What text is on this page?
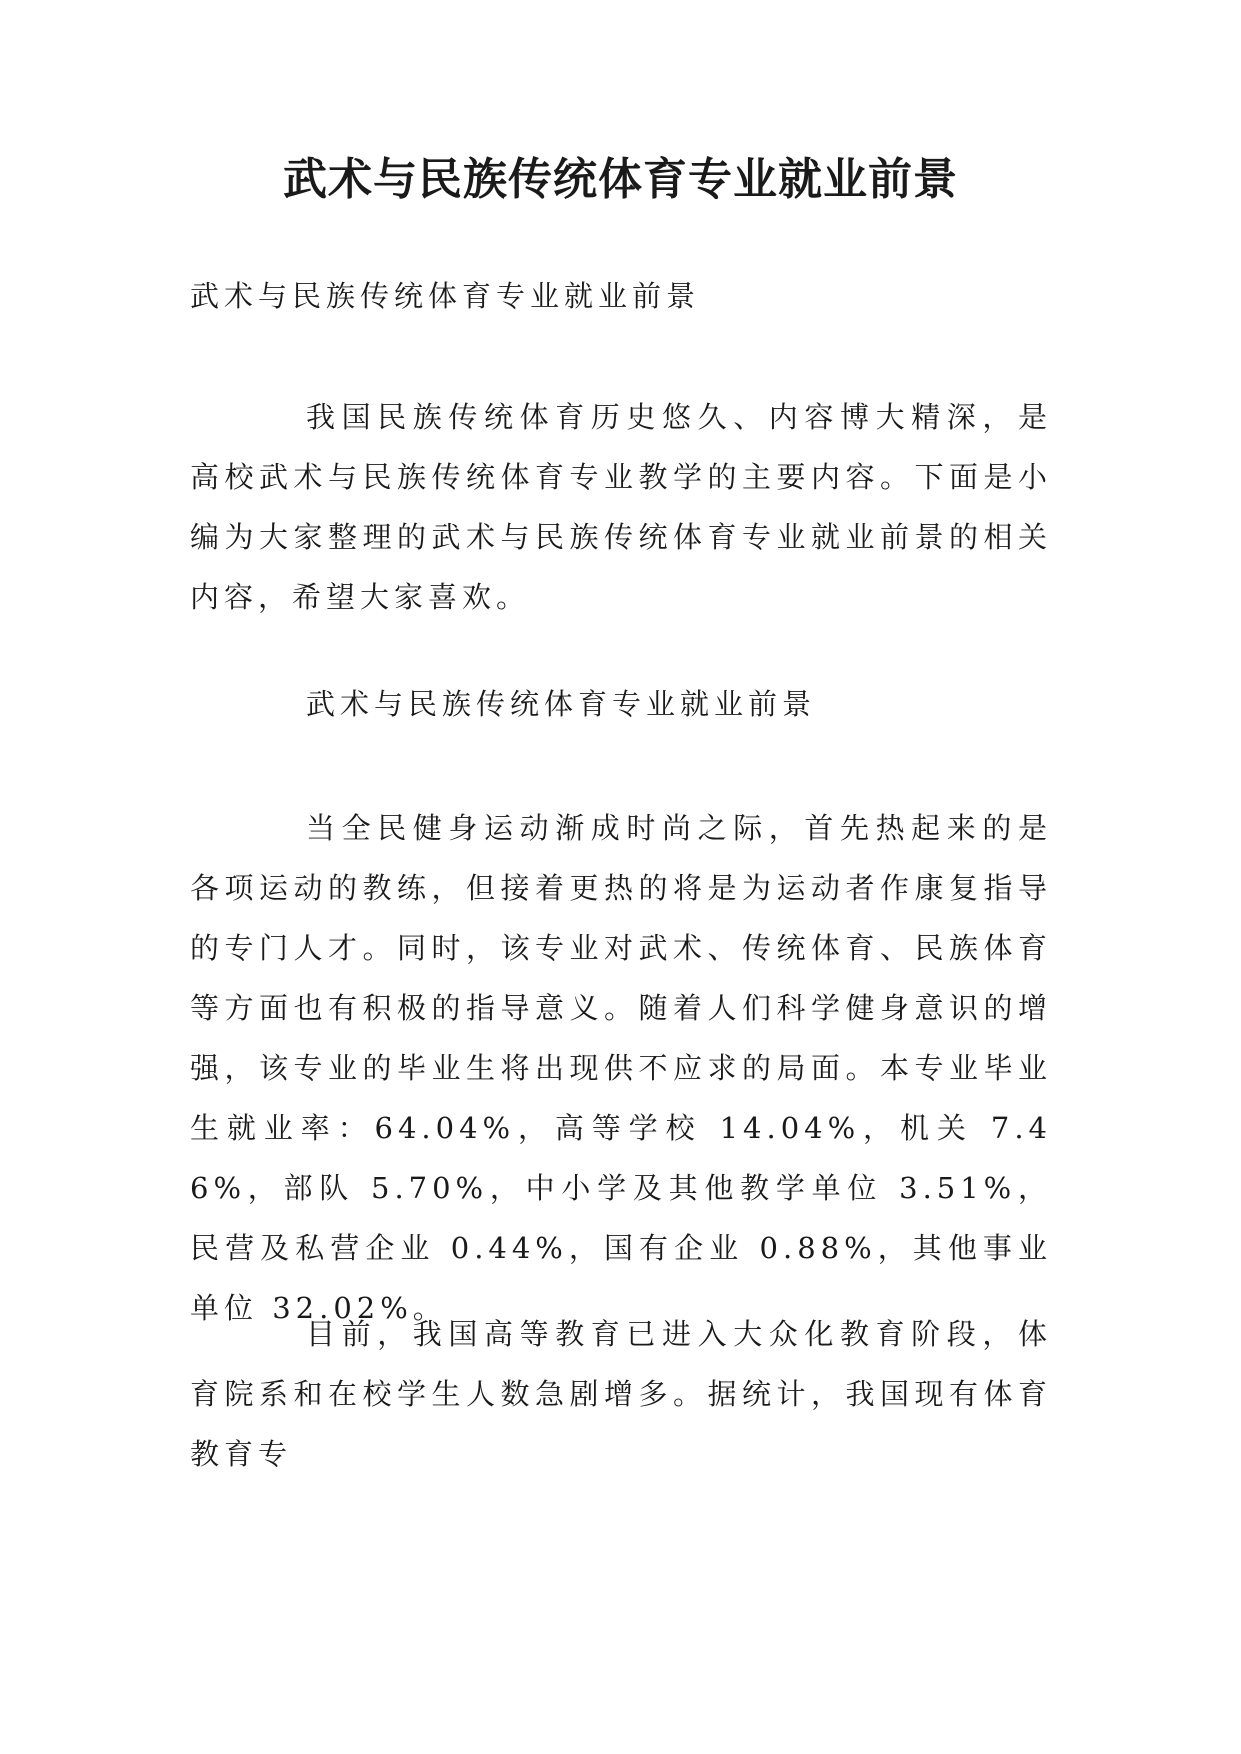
武术与民族传统体育专业就业前景

武术与民族传统体育专业就业前景

我国民族传统体育历史悠久、内容博大精深，是高校武术与民族传统体育专业教学的主要内容。下面是小编为大家整理的武术与民族传统体育专业就业前景的相关内容，希望大家喜欢。

武术与民族传统体育专业就业前景

当全民健身运动渐成时尚之际，首先热起来的是各项运动的教练，但接着更热的将是为运动者作康复指导的专门人才。同时，该专业对武术、传统体育、民族体育等方面也有积极的指导意义。随着人们科学健身意识的增强，该专业的毕业生将出现供不应求的局面。本专业毕业生就业率：64.04%，高等学校 14.04%，机关 7.46%，部队 5.70%，中小学及其他教学单位 3.51%，民营及私营企业 0.44%，国有企业 0.88%，其他事业单位 32.02%。

目前，我国高等教育已进入大众化教育阶段，体育院系和在校学生人数急剧增多。据统计，我国现有体育教育专
